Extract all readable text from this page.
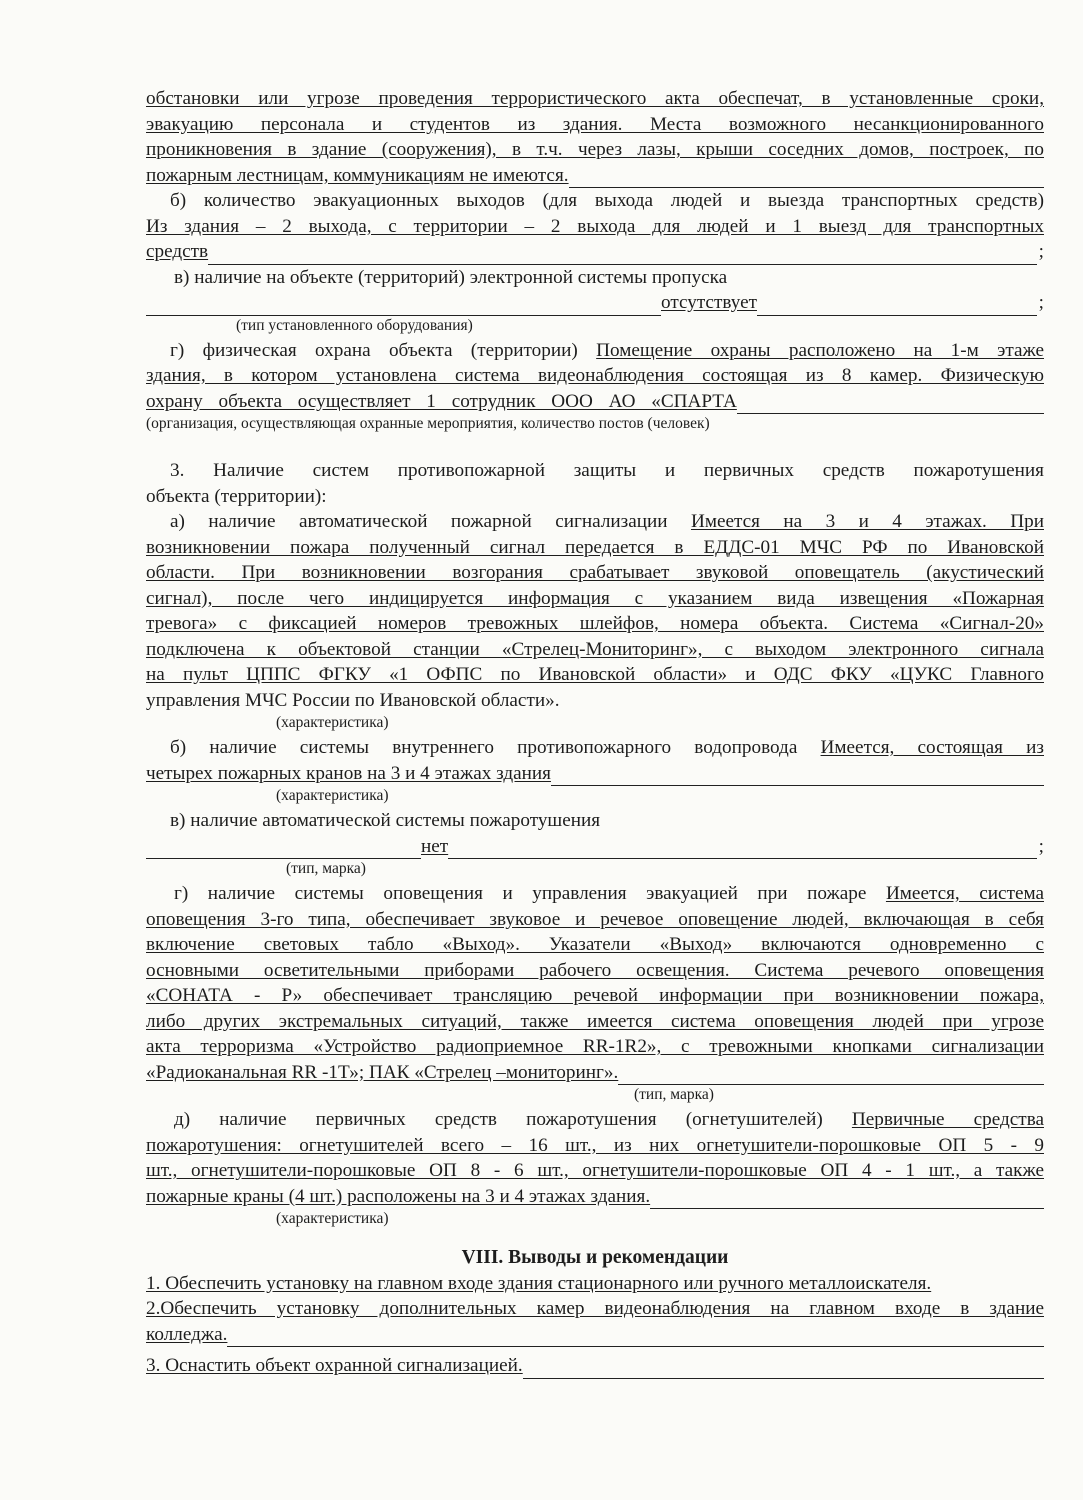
обстановки или угрозе проведения террористического акта обеспечат, в установленные сроки,
эвакуацию персонала и студентов из здания. Места возможного несанкционированного
проникновения в здание (сооружения), в т.ч. через лазы, крыши соседних домов, построек, по
пожарным лестницам, коммуникациям не имеются.
б) количество эвакуационных выходов (для выхода людей и выезда транспортных средств)
Из здания – 2 выхода, с территории – 2 выхода для людей и 1 выезд для транспортных
средств	;
в) наличие на объекте (территорий) электронной системы пропуска
отсутствует	;
(тип установленного оборудования)
г) физическая охрана объекта (территории) Помещение охраны расположено на 1-м этаже
здания, в котором установлена система видеонаблюдения состоящая из 8 камер. Физическую
охрану объекта осуществляет 1 сотрудник ООО АО «СПАРТА
(организация, осуществляющая охранные мероприятия, количество постов (человек)
3. Наличие систем противопожарной защиты и первичных средств пожаротушения
объекта (территории):
а) наличие автоматической пожарной сигнализации Имеется на 3 и 4 этажах. При
возникновении пожара полученный сигнал передается в ЕДДС-01 МЧС РФ по Ивановской
области. При возникновении возгорания срабатывает звуковой оповещатель (акустический
сигнал), после чего индицируется информация с указанием вида извещения «Пожарная
тревога» с фиксацией номеров тревожных шлейфов, номера объекта. Система «Сигнал-20»
подключена к объектовой станции «Стрелец-Мониторинг», с выходом электронного сигнала
на пульт ЦППС ФГКУ «1 ОФПС по Ивановской области» и ОДС ФКУ «ЦУКС Главного
управления МЧС России по Ивановской области».
(характеристика)
б) наличие системы внутреннего противопожарного водопровода Имеется, состоящая из
четырех пожарных кранов на 3 и 4 этажах здания
(характеристика)
в) наличие автоматической системы пожаротушения
нет	;
(тип, марка)
г) наличие системы оповещения и управления эвакуацией при пожаре Имеется, система
оповещения 3-го типа, обеспечивает звуковое и речевое оповещение людей, включающая в себя
включение световых табло «Выход». Указатели «Выход» включаются одновременно с
основными осветительными приборами рабочего освещения. Система речевого оповещения
«СОНАТА - Р» обеспечивает трансляцию речевой информации при возникновении пожара,
либо других экстремальных ситуаций, также имеется система оповещения людей при угрозе
акта терроризма «Устройство радиоприемное RR-1R2», с тревожными кнопками сигнализации
«Радиоканальная RR -1Т»; ПАК «Стрелец –мониторинг».
(тип, марка)
д) наличие первичных средств пожаротушения (огнетушителей) Первичные средства
пожаротушения: огнетушителей всего – 16 шт., из них огнетушители-порошковые ОП 5 - 9
шт., огнетушители-порошковые ОП 8 - 6 шт., огнетушители-порошковые ОП 4 - 1 шт., а также
пожарные краны (4 шт.) расположены на 3 и 4 этажах здания.
(характеристика)
VIII. Выводы и рекомендации
1. Обеспечить установку на главном входе здания стационарного или ручного металлоискателя.
2.Обеспечить установку дополнительных камер видеонаблюдения на главном входе в здание
колледжа.
3. Оснастить объект охранной сигнализацией.
